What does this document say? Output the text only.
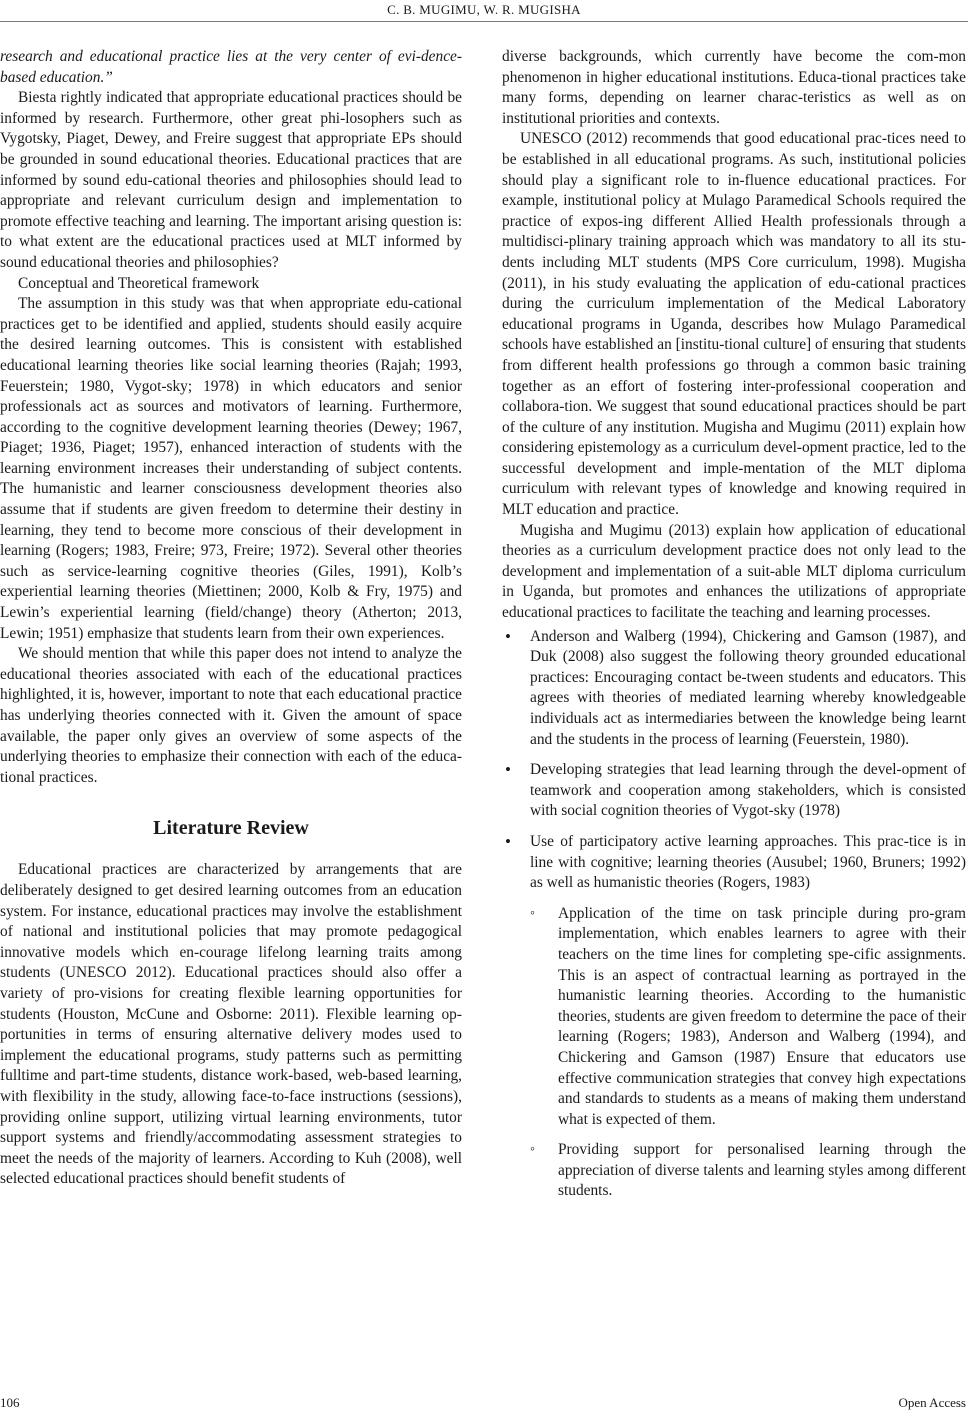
C. B. MUGIMU, W. R. MUGISHA

research and educational practice lies at the very center of evi-dence-based education.”

Biesta rightly indicated that appropriate educational practices should be informed by research. Furthermore, other great phi-losophers such as Vygotsky, Piaget, Dewey, and Freire suggest that appropriate EPs should be grounded in sound educational theories. Educational practices that are informed by sound edu-cational theories and philosophies should lead to appropriate and relevant curriculum design and implementation to promote effective teaching and learning. The important arising question is: to what extent are the educational practices used at MLT informed by sound educational theories and philosophies?

Conceptual and Theoretical framework

The assumption in this study was that when appropriate edu-cational practices get to be identified and applied, students should easily acquire the desired learning outcomes. This is consistent with established educational learning theories like social learning theories (Rajah; 1993, Feuerstein; 1980, Vygot-sky; 1978) in which educators and senior professionals act as sources and motivators of learning. Furthermore, according to the cognitive development learning theories (Dewey; 1967, Piaget; 1936, Piaget; 1957), enhanced interaction of students with the learning environment increases their understanding of subject contents. The humanistic and learner consciousness development theories also assume that if students are given freedom to determine their destiny in learning, they tend to become more conscious of their development in learning (Rogers; 1983, Freire; 973, Freire; 1972). Several other theories such as service-learning cognitive theories (Giles, 1991), Kolb’s experiential learning theories (Miettinen; 2000, Kolb & Fry, 1975) and Lewin’s experiential learning (field/change) theory (Atherton; 2013, Lewin; 1951) emphasize that students learn from their own experiences.

We should mention that while this paper does not intend to analyze the educational theories associated with each of the educational practices highlighted, it is, however, important to note that each educational practice has underlying theories connected with it. Given the amount of space available, the paper only gives an overview of some aspects of the underlying theories to emphasize their connection with each of the educa-tional practices.

Literature Review

Educational practices are characterized by arrangements that are deliberately designed to get desired learning outcomes from an education system. For instance, educational practices may involve the establishment of national and institutional policies that may promote pedagogical innovative models which en-courage lifelong learning traits among students (UNESCO 2012). Educational practices should also offer a variety of pro-visions for creating flexible learning opportunities for students (Houston, McCune and Osborne: 2011). Flexible learning op-portunities in terms of ensuring alternative delivery modes used to implement the educational programs, study patterns such as permitting fulltime and part-time students, distance work-based, web-based learning, with flexibility in the study, allowing face-to-face instructions (sessions), providing online support, utilizing virtual learning environments, tutor support systems and friendly/accommodating assessment strategies to meet the needs of the majority of learners. According to Kuh (2008), well selected educational practices should benefit students of

diverse backgrounds, which currently have become the com-mon phenomenon in higher educational institutions. Educa-tional practices take many forms, depending on learner charac-teristics as well as on institutional priorities and contexts.

UNESCO (2012) recommends that good educational prac-tices need to be established in all educational programs. As such, institutional policies should play a significant role to in-fluence educational practices. For example, institutional policy at Mulago Paramedical Schools required the practice of expos-ing different Allied Health professionals through a multidisci-plinary training approach which was mandatory to all its stu-dents including MLT students (MPS Core curriculum, 1998). Mugisha (2011), in his study evaluating the application of edu-cational practices during the curriculum implementation of the Medical Laboratory educational programs in Uganda, describes how Mulago Paramedical schools have established an [institu-tional culture] of ensuring that students from different health professions go through a common basic training together as an effort of fostering inter-professional cooperation and collabora-tion. We suggest that sound educational practices should be part of the culture of any institution. Mugisha and Mugimu (2011) explain how considering epistemology as a curriculum devel-opment practice, led to the successful development and imple-mentation of the MLT diploma curriculum with relevant types of knowledge and knowing required in MLT education and practice.

Mugisha and Mugimu (2013) explain how application of educational theories as a curriculum development practice does not only lead to the development and implementation of a suit-able MLT diploma curriculum in Uganda, but promotes and enhances the utilizations of appropriate educational practices to facilitate the teaching and learning processes.

• Anderson and Walberg (1994), Chickering and Gamson (1987), and Duk (2008) also suggest the following theory grounded educational practices: Encouraging contact be-tween students and educators. This agrees with theories of mediated learning whereby knowledgeable individuals act as intermediaries between the knowledge being learnt and the students in the process of learning (Feuerstein, 1980).
• Developing strategies that lead learning through the devel-opment of teamwork and cooperation among stakeholders, which is consisted with social cognition theories of Vygot-sky (1978)
• Use of participatory active learning approaches. This prac-tice is in line with cognitive; learning theories (Ausubel; 1960, Bruners; 1992) as well as humanistic theories (Rogers, 1983)
◦ Application of the time on task principle during pro-gram implementation, which enables learners to agree with their teachers on the time lines for completing spe-cific assignments. This is an aspect of contractual learning as portrayed in the humanistic learning theories. According to the humanistic theories, students are given freedom to determine the pace of their learning (Rogers; 1983), Anderson and Walberg (1994), and Chickering and Gamson (1987) Ensure that educators use effective communication strategies that convey high expectations and standards to students as a means of making them understand what is expected of them.
◦ Providing support for personalised learning through the appreciation of diverse talents and learning styles among different students.
106	Open Access
